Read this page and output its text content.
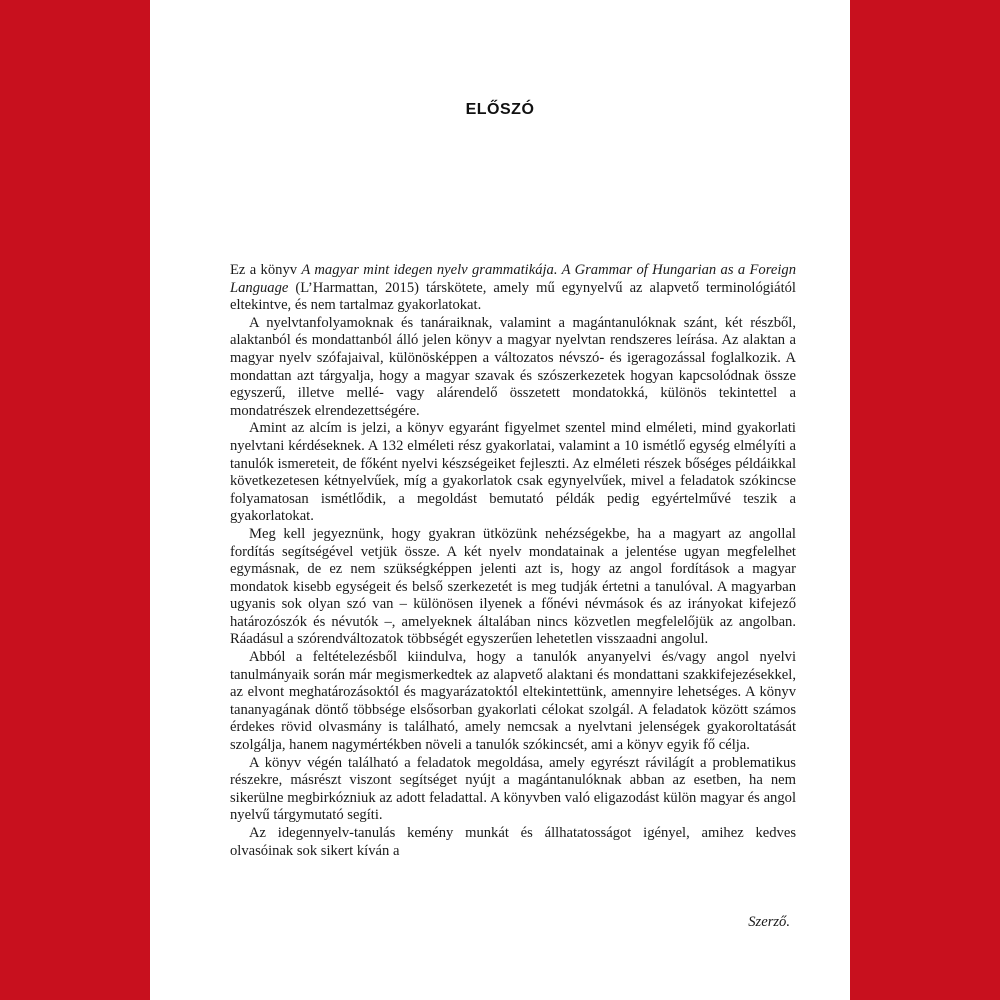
ELŐSZÓ

Ez a könyv A magyar mint idegen nyelv grammatikája. A Grammar of Hungarian as a Foreign Language (L’Harmattan, 2015) társkötete, amely mű egynyelvű az alapvető terminológiától eltekintve, és nem tartalmaz gyakorlatokat.

A nyelvtanfolyamoknak és tanáraiknak, valamint a magántanulóknak szánt, két részből, alaktanból és mondattanból álló jelen könyv a magyar nyelvtan rendszeres leírása. Az alaktan a magyar nyelv szófajaival, különösképpen a változatos névszó- és igeragozással foglalkozik. A mondattan azt tárgyalja, hogy a magyar szavak és szószerkezetek hogyan kapcsolódnak össze egyszerű, illetve mellé- vagy alárendelő összetett mondatokká, különös tekintettel a mondatrészek elrendezettségére.

Amint az alcím is jelzi, a könyv egyaránt figyelmet szentel mind elméleti, mind gyakorlati nyelvtani kérdéseknek. A 132 elméleti rész gyakorlatai, valamint a 10 ismétlő egység elmélyíti a tanulók ismereteit, de főként nyelvi készségeiket fejleszti. Az elméleti részek bőséges példáikkal következetesen kétnyelvűek, míg a gyakorlatok csak egynyelvűek, mivel a feladatok szókincse folyamatosan ismétlődik, a megoldást bemutató példák pedig egyértelművé teszik a gyakorlatokat.

Meg kell jegyeznünk, hogy gyakran ütközünk nehézségekbe, ha a magyart az angollal fordítás segítségével vetjük össze. A két nyelv mondatainak a jelentése ugyan megfelelhet egymásnak, de ez nem szükségképpen jelenti azt is, hogy az angol fordítások a magyar mondatok kisebb egységeit és belső szerkezetét is meg tudják értetni a tanulóval. A magyarban ugyanis sok olyan szó van – különösen ilyenek a főnévi névmások és az irányokat kifejező határozószók és névutók –, amelyeknek általában nincs közvetlen megfelelőjük az angolban. Ráadásul a szórendváltozatok többségét egyszerűen lehetetlen visszaadni angolul.

Abból a feltételezésből kiindulva, hogy a tanulók anyanyelvi és/vagy angol nyelvi tanulmányaik során már megismerkedtek az alapvető alaktani és mondattani szakkifejezésekkel, az elvont meghatározásoktól és magyarázatoktól eltekintettünk, amennyire lehetséges. A könyv tananyagának döntő többsége elsősorban gyakorlati célokat szolgál. A feladatok között számos érdekes rövid olvasmány is található, amely nemcsak a nyelvtani jelenségek gyakoroltatását szolgálja, hanem nagymértékben növeli a tanulók szókincsét, ami a könyv egyik fő célja.

A könyv végén található a feladatok megoldása, amely egyrészt rávilágít a problematikus részekre, másrészt viszont segítséget nyújt a magántanulóknak abban az esetben, ha nem sikerülne megbirkózniuk az adott feladattal. A könyvben való eligazodást külön magyar és angol nyelvű tárgymutató segíti.

Az idegennyelv-tanulás kemény munkát és állhatatosságot igényel, amihez kedves olvasóinak sok sikert kíván a

Szerző.
